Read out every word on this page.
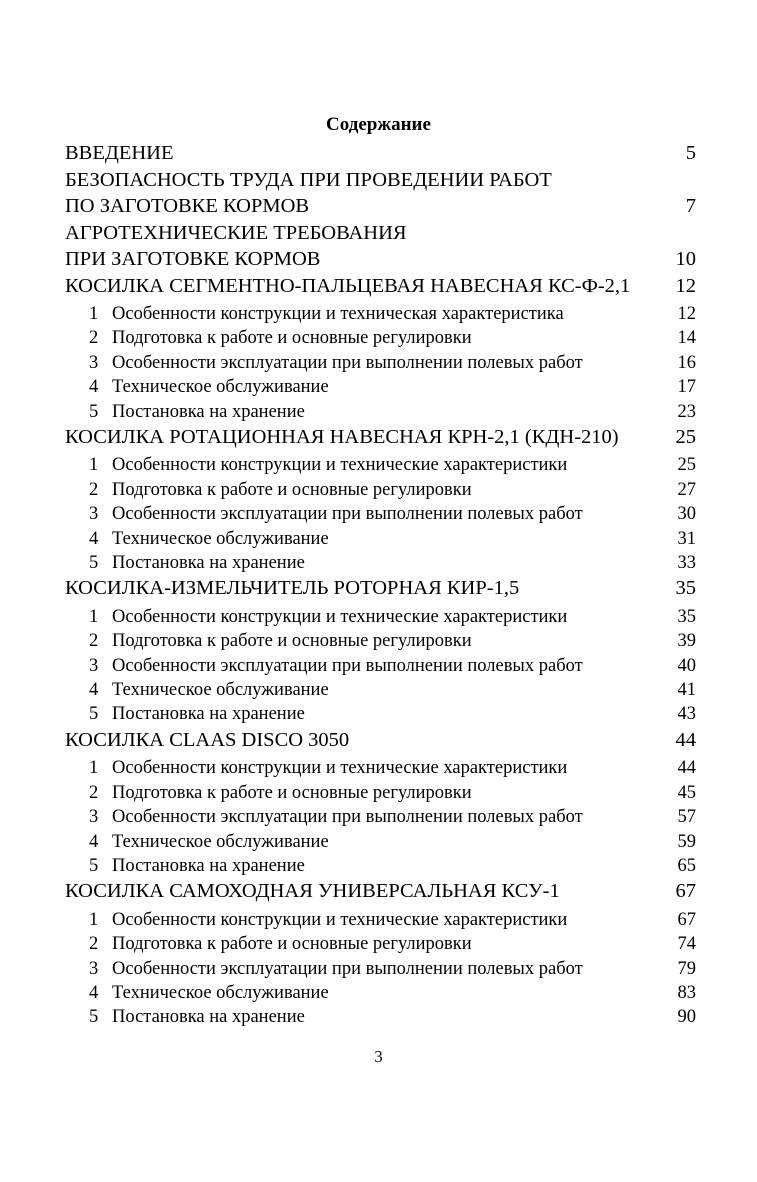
Содержание
ВВЕДЕНИЕ	5
БЕЗОПАСНОСТЬ ТРУДА ПРИ ПРОВЕДЕНИИ РАБОТ
ПО ЗАГОТОВКЕ КОРМОВ	7
АГРОТЕХНИЧЕСКИЕ ТРЕБОВАНИЯ
ПРИ ЗАГОТОВКЕ КОРМОВ	10
КОСИЛКА СЕГМЕНТНО-ПАЛЬЦЕВАЯ НАВЕСНАЯ КС-Ф-2,1 12
1 Особенности конструкции и техническая характеристика	12
2 Подготовка к работе и основные регулировки	14
3 Особенности эксплуатации при выполнении полевых работ	16
4 Техническое обслуживание	17
5 Постановка на хранение	23
КОСИЛКА РОТАЦИОННАЯ НАВЕСНАЯ КРН-2,1 (КДН-210)	25
1 Особенности конструкции и технические характеристики	25
2 Подготовка к работе и основные регулировки	27
3 Особенности эксплуатации при выполнении полевых работ	30
4 Техническое обслуживание	31
5 Постановка на хранение	33
КОСИЛКА-ИЗМЕЛЬЧИТЕЛЬ РОТОРНАЯ КИР-1,5	35
1 Особенности конструкции и технические характеристики	35
2 Подготовка к работе и основные регулировки	39
3 Особенности эксплуатации при выполнении полевых работ	40
4 Техническое обслуживание	41
5 Постановка на хранение	43
КОСИЛКА CLAAS DISCO 3050	44
1 Особенности конструкции и технические характеристики	44
2 Подготовка к работе и основные регулировки	45
3 Особенности эксплуатации при выполнении полевых работ	57
4 Техническое обслуживание	59
5 Постановка на хранение	65
КОСИЛКА САМОХОДНАЯ УНИВЕРСАЛЬНАЯ КСУ-1	67
1 Особенности конструкции и технические характеристики	67
2 Подготовка к работе и основные регулировки	74
3 Особенности эксплуатации при выполнении полевых работ	79
4 Техническое обслуживание	83
5 Постановка на хранение	90

3
